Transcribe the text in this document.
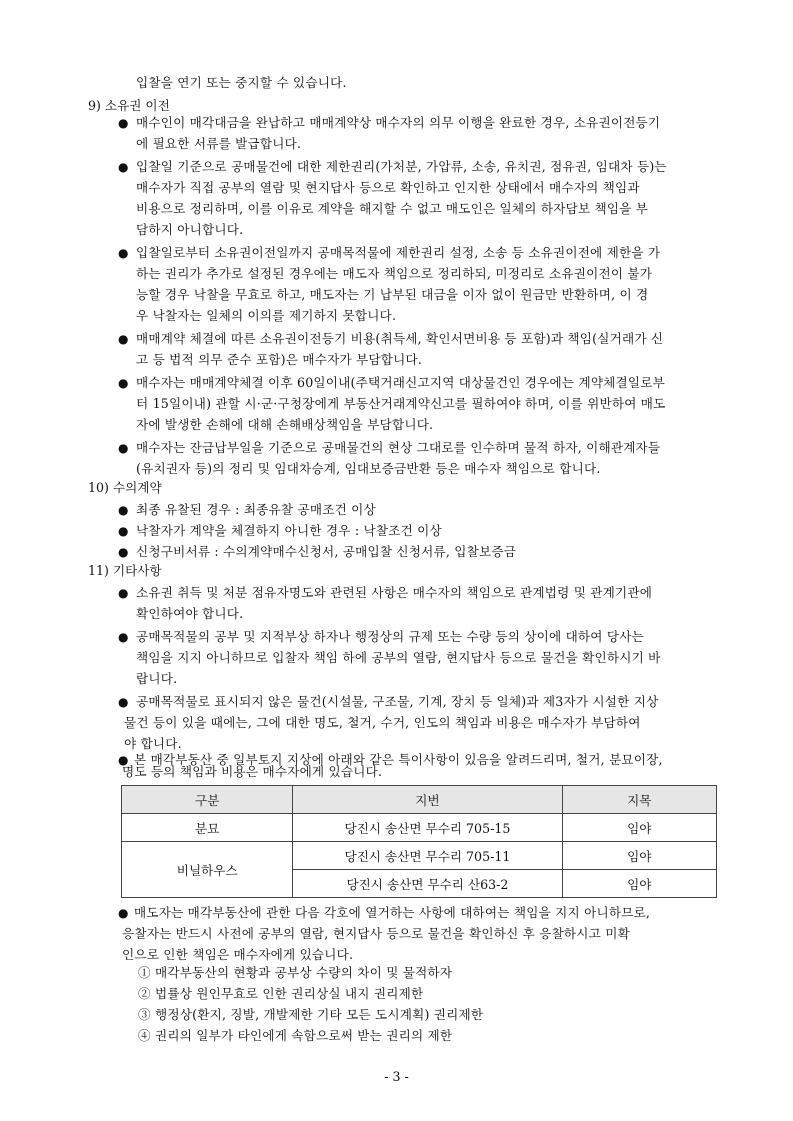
입찰을 연기 또는 중지할 수 있습니다.
9) 소유권 이전
● 매수인이 매각대금을 완납하고 매매계약상 매수자의 의무 이행을 완료한 경우, 소유권이전등기
에 필요한 서류를 발급합니다.
● 입찰일 기준으로 공매물건에 대한 제한권리(가처분, 가압류, 소송, 유치권, 점유권, 임대차 등)는
매수자가 직접 공부의 열람 및 현지답사 등으로 확인하고 인지한 상태에서 매수자의 책임과
비용으로 정리하며, 이를 이유로 계약을 해지할 수 없고 매도인은 일체의 하자담보 책임을 부
담하지 아니합니다.
● 입찰일로부터 소유권이전일까지 공매목적물에 제한권리 설정, 소송 등 소유권이전에 제한을 가
하는 권리가 추가로 설정된 경우에는 매도자 책임으로 정리하되, 미정리로 소유권이전이 불가
능할 경우 낙찰을 무효로 하고, 매도자는 기 납부된 대금을 이자 없이 원금만 반환하며, 이 경
우 낙찰자는 일체의 이의를 제기하지 못합니다.
● 매매계약 체결에 따른 소유권이전등기 비용(취득세, 확인서면비용 등 포함)과 책임(실거래가 신
고 등 법적 의무 준수 포함)은 매수자가 부담합니다.
● 매수자는 매매계약체결 이후 60일이내(주택거래신고지역 대상물건인 경우에는 계약체결일로부
터 15일이내) 관할 시·군·구청장에게 부동산거래계약신고를 필하여야 하며, 이를 위반하여 매도
자에 발생한 손해에 대해 손해배상책임을 부담합니다.
● 매수자는 잔금납부일을 기준으로 공매물건의 현상 그대로를 인수하며 물적 하자, 이해관계자들
(유치권자 등)의 정리 및 임대차승계, 임대보증금반환 등은 매수자 책임으로 합니다.
10) 수의계약
● 최종 유찰된 경우 : 최종유찰 공매조건 이상
● 낙찰자가 계약을 체결하지 아니한 경우 : 낙찰조건 이상
● 신청구비서류 : 수의계약매수신청서, 공매입찰 신청서류, 입찰보증금
11) 기타사항
● 소유권 취득 및 처분 점유자명도와 관련된 사항은 매수자의 책임으로 관계법령 및 관계기관에
확인하여야 합니다.
● 공매목적물의 공부 및 지적부상 하자나 행정상의 규제 또는 수량 등의 상이에 대하여 당사는
책임을 지지 아니하므로 입찰자 책임 하에 공부의 열람, 현지답사 등으로 물건을 확인하시기 바
랍니다.
● 공매목적물로 표시되지 않은 물건(시설물, 구조물, 기계, 장치 등 일체)과 제3자가 시설한 지상
물건 등이 있을 때에는, 그에 대한 명도, 철거, 수거, 인도의 책임과 비용은 매수자가 부담하여
야 합니다.
● 본 매각부동산 중 일부토지 지상에 아래와 같은 특이사항이 있음을 알려드리며, 철거, 분묘이장,
명도 등의 책임과 비용은 매수자에게 있습니다.
구분	지번	지목
분묘	당진시 송산면 무수리 705-15	임야
비닐하우스	당진시 송산면 무수리 705-11	임야
	당진시 송산면 무수리 산63-2	임야
● 매도자는 매각부동산에 관한 다음 각호에 열거하는 사항에 대하여는 책임을 지지 아니하므로,
응찰자는 반드시 사전에 공부의 열람, 현지답사 등으로 물건을 확인하신 후 응찰하시고 미확
인으로 인한 책임은 매수자에게 있습니다.
① 매각부동산의 현황과 공부상 수량의 차이 및 물적하자
② 법률상 원인무효로 인한 권리상실 내지 권리제한
③ 행정상(환지, 징발, 개발제한 기타 모든 도시계획) 권리제한
④ 권리의 일부가 타인에게 속함으로써 받는 권리의 제한
- 3 -
